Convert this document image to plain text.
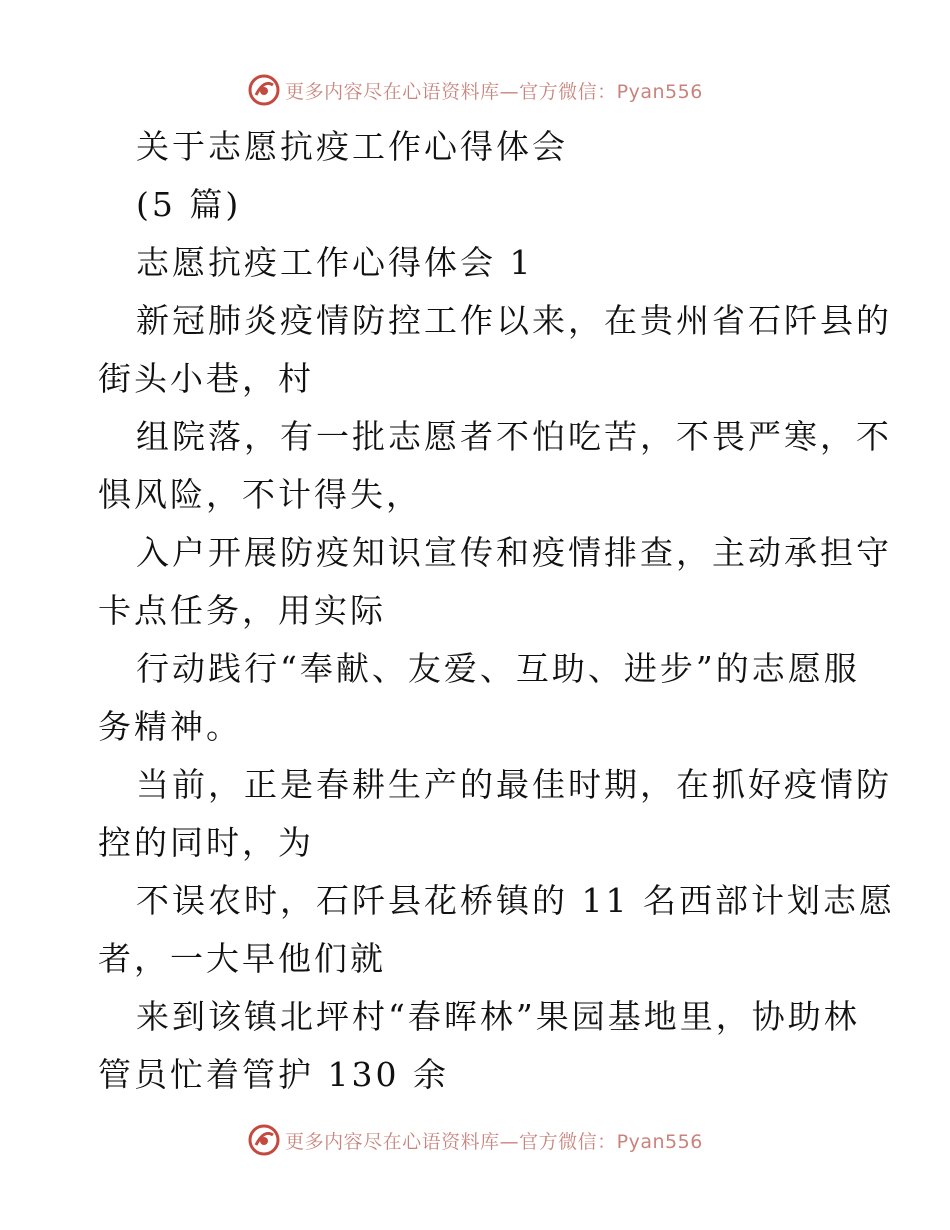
更多内容尽在心语资料库—官方微信：Pyan556
关于志愿抗疫工作心得体会
(5 篇)
志愿抗疫工作心得体会 1
新冠肺炎疫情防控工作以来，在贵州省石阡县的
街头小巷，村
组院落，有一批志愿者不怕吃苦，不畏严寒，不
惧风险，不计得失，
入户开展防疫知识宣传和疫情排查，主动承担守
卡点任务，用实际
行动践行“奉献、友爱、互助、进步”的志愿服
务精神。
当前，正是春耕生产的最佳时期，在抓好疫情防
控的同时，为
不误农时，石阡县花桥镇的 11 名西部计划志愿
者，一大早他们就
来到该镇北坪村“春晖林”果园基地里，协助林
管员忙着管护 130 余
更多内容尽在心语资料库—官方微信：Pyan556
